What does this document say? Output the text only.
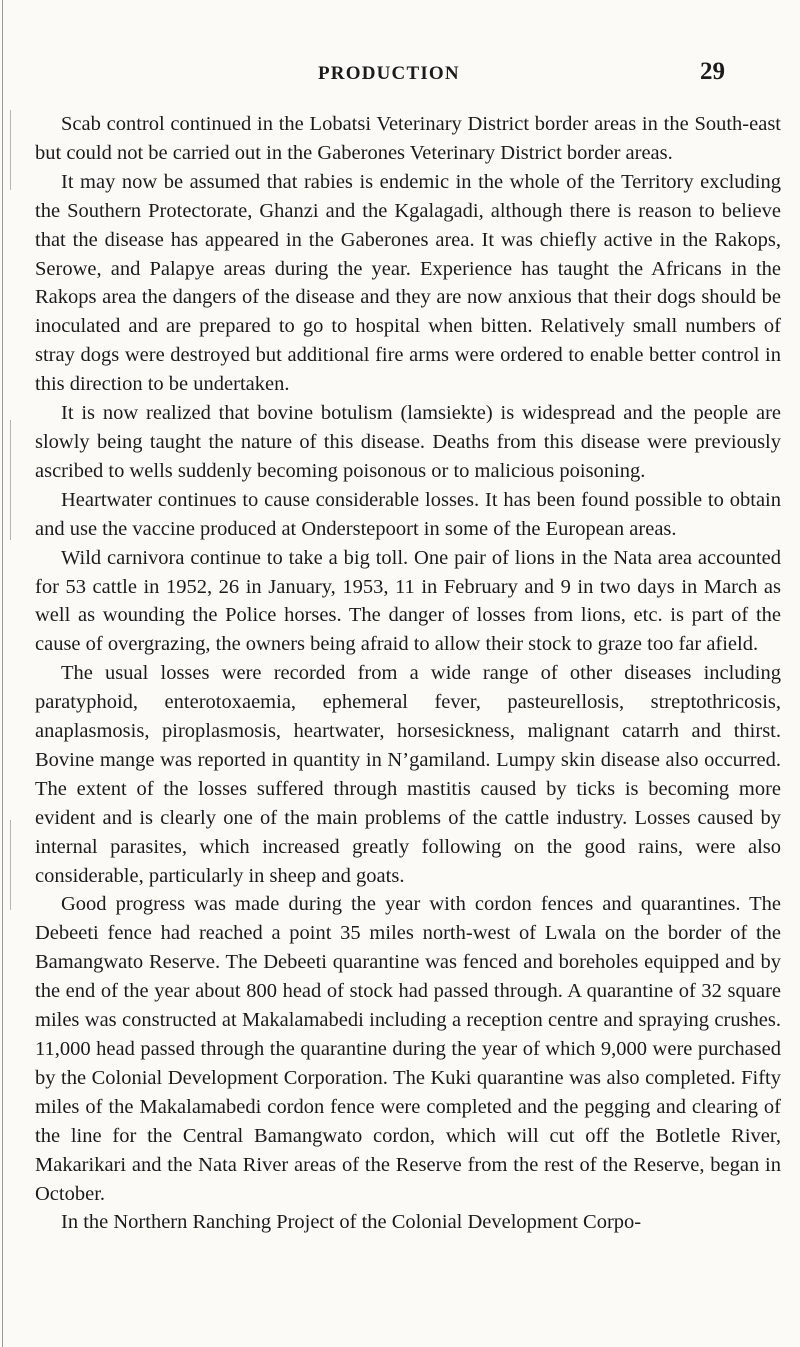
PRODUCTION	29

Scab control continued in the Lobatsi Veterinary District border areas in the South-east but could not be carried out in the Gaberones Veterinary District border areas.

It may now be assumed that rabies is endemic in the whole of the Territory excluding the Southern Protectorate, Ghanzi and the Kgalagadi, although there is reason to believe that the disease has appeared in the Gaberones area. It was chiefly active in the Rakops, Serowe, and Palapye areas during the year. Experience has taught the Africans in the Rakops area the dangers of the disease and they are now anxious that their dogs should be inoculated and are prepared to go to hospital when bitten. Relatively small numbers of stray dogs were destroyed but additional fire arms were ordered to enable better control in this direction to be undertaken.

It is now realized that bovine botulism (lamsiekte) is widespread and the people are slowly being taught the nature of this disease. Deaths from this disease were previously ascribed to wells suddenly becoming poisonous or to malicious poisoning.

Heartwater continues to cause considerable losses. It has been found possible to obtain and use the vaccine produced at Onderstepoort in some of the European areas.

Wild carnivora continue to take a big toll. One pair of lions in the Nata area accounted for 53 cattle in 1952, 26 in January, 1953, 11 in February and 9 in two days in March as well as wounding the Police horses. The danger of losses from lions, etc. is part of the cause of overgrazing, the owners being afraid to allow their stock to graze too far afield.

The usual losses were recorded from a wide range of other diseases including paratyphoid, enterotoxaemia, ephemeral fever, pasteurellosis, streptothricosis, anaplasmosis, piroplasmosis, heartwater, horsesickness, malignant catarrh and thirst. Bovine mange was reported in quantity in N’gamiland. Lumpy skin disease also occurred. The extent of the losses suffered through mastitis caused by ticks is becoming more evident and is clearly one of the main problems of the cattle industry. Losses caused by internal parasites, which increased greatly following on the good rains, were also considerable, particularly in sheep and goats.

Good progress was made during the year with cordon fences and quarantines. The Debeeti fence had reached a point 35 miles north-west of Lwala on the border of the Bamangwato Reserve. The Debeeti quarantine was fenced and boreholes equipped and by the end of the year about 800 head of stock had passed through. A quarantine of 32 square miles was constructed at Makalamabedi including a reception centre and spraying crushes. 11,000 head passed through the quarantine during the year of which 9,000 were purchased by the Colonial Development Corporation. The Kuki quarantine was also completed. Fifty miles of the Makalamabedi cordon fence were completed and the pegging and clearing of the line for the Central Bamangwato cordon, which will cut off the Botletle River, Makarikari and the Nata River areas of the Reserve from the rest of the Reserve, began in October.

In the Northern Ranching Project of the Colonial Development Corpo-
